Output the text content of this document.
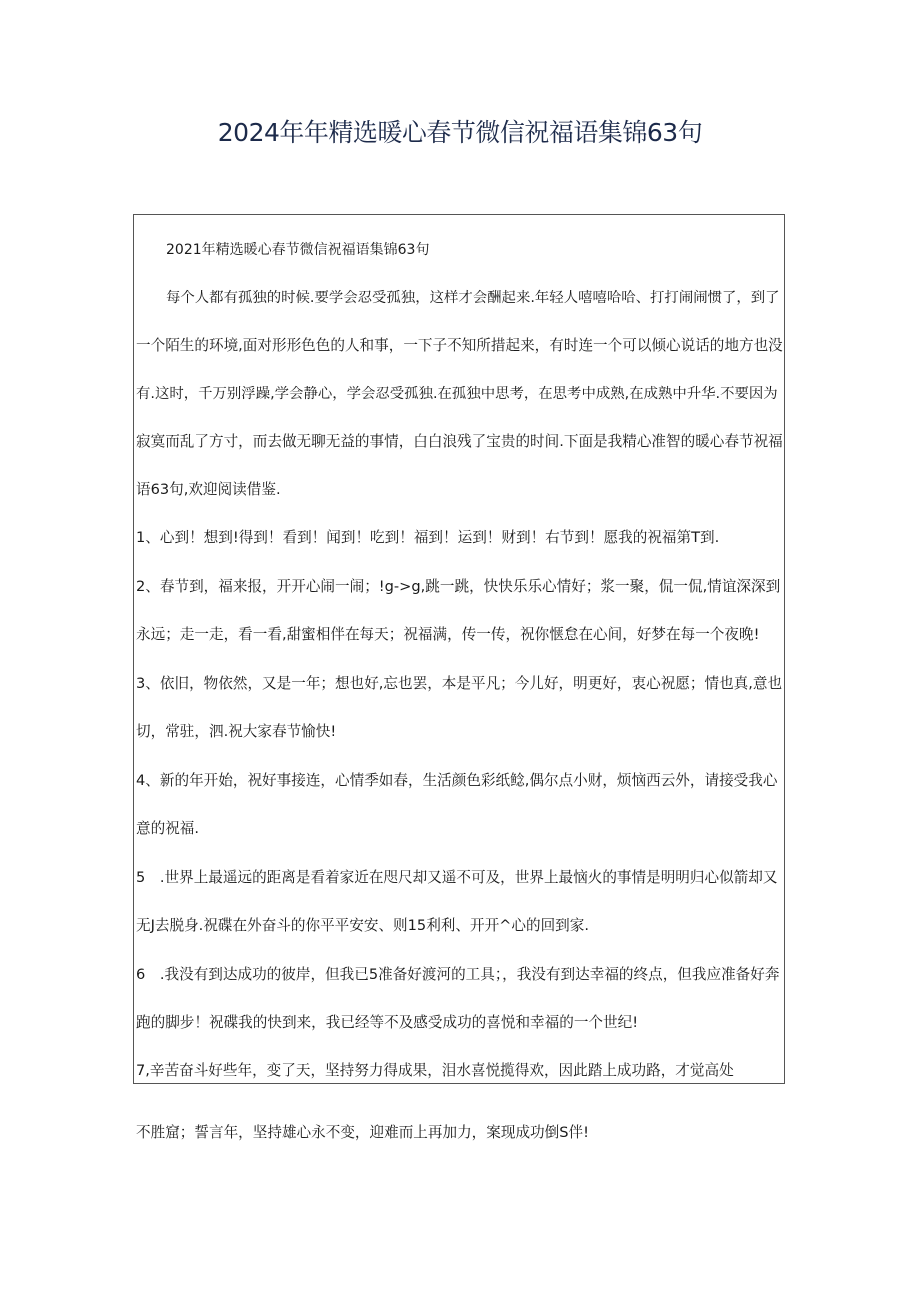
2024年年精选暖心春节微信祝福语集锦63句

2021年精选暖心春节微信祝福语集锦63句

每个人都有孤独的时候.要学会忍受孤独，这样才会酬起来.年轻人嘻嘻哈哈、打打闹闹惯了，到了

一个陌生的环境,面对形形色色的人和事，一下子不知所措起来，有时连一个可以倾心说话的地方也没

有.这时，千万别浮躁,学会静心，学会忍受孤独.在孤独中思考，在思考中成熟,在成熟中升华.不要因为

寂寞而乱了方寸，而去做无聊无益的事情，白白浪残了宝贵的时间.下面是我精心准智的暖心春节祝福

语63句,欢迎阅读借鉴.

1、心到！想到!得到！看到！闻到！吃到！福到！运到！财到！右节到！愿我的祝福第T到.

2、春节到，福来报，开开心闹一闹；!g->g,跳一跳，快快乐乐心情好；浆一聚，侃一侃,情谊深深到

永远；走一走，看一看,甜蜜相伴在每天；祝福满，传一传，祝你惬怠在心间，好梦在每一个夜晚!

3、依旧，物依然，又是一年；想也好,忘也罢，本是平凡；今儿好，明更好，衷心祝愿；情也真,意也

切，常驻，泗.祝大家春节愉快!

4、新的年开始，祝好事接连，心情季如春，生活颜色彩纸鲶,偶尔点小财，烦恼西云外，请接受我心

意的祝福.

5　.世界上最遥远的距离是看着家近在咫尺却又遥不可及，世界上最恼火的事情是明明归心似箭却又

无J去脱身.祝碟在外奋斗的你平平安安、则15利利、开开^心的回到家.

6　.我没有到达成功的彼岸，但我已5准备好渡河的工具；，我没有到达幸福的终点，但我应准备好奔

跑的脚步！祝碟我的快到来，我已经等不及感受成功的喜悦和幸福的一个世纪!

7,辛苦奋斗好些年，变了天，坚持努力得成果，泪水喜悦揽得欢，因此踏上成功路，才觉高处

不胜窟；誓言年，坚持雄心永不变，迎难而上再加力，案现成功倒S伴!
